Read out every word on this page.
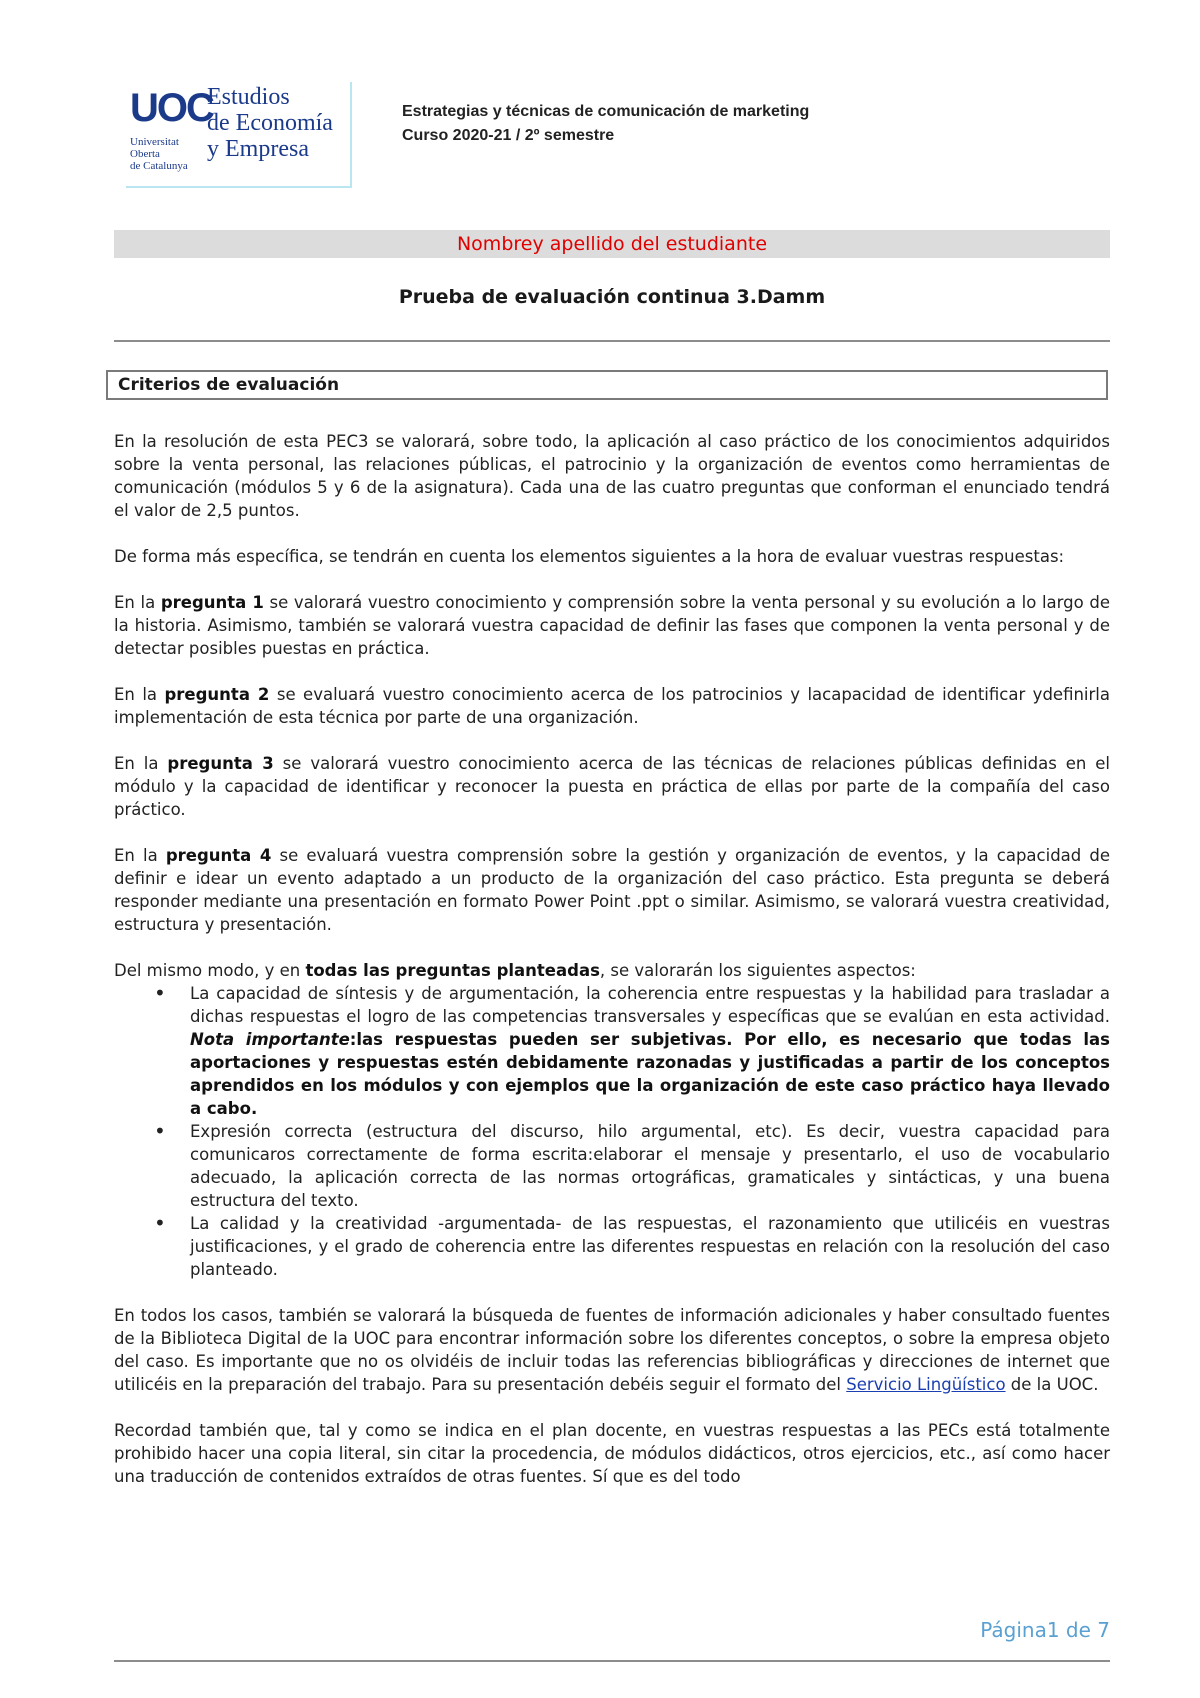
UOC
Universitat
Oberta
de Catalunya
Estudios
de Economía
y Empresa
Estrategias y técnicas de comunicación de marketing
Curso 2020-21 / 2º semestre
Nombrey apellido del estudiante
Prueba de evaluación continua 3.Damm
Criterios de evaluación

En la resolución de esta PEC3 se valorará, sobre todo, la aplicación al caso práctico de los conocimientos adquiridos sobre la venta personal, las relaciones públicas, el patrocinio y la organización de eventos como herramientas de comunicación (módulos 5 y 6 de la asignatura). Cada una de las cuatro preguntas que conforman el enunciado tendrá el valor de 2,5 puntos.

De forma más específica, se tendrán en cuenta los elementos siguientes a la hora de evaluar vuestras respuestas:

En la pregunta 1 se valorará vuestro conocimiento y comprensión sobre la venta personal y su evolución a lo largo de la historia. Asimismo, también se valorará vuestra capacidad de definir las fases que componen la venta personal y de detectar posibles puestas en práctica.

En la pregunta 2 se evaluará vuestro conocimiento acerca de los patrocinios y lacapacidad de identificar ydefinirla implementación de esta técnica por parte de una organización.

En la pregunta 3 se valorará vuestro conocimiento acerca de las técnicas de relaciones públicas definidas en el módulo y la capacidad de identificar y reconocer la puesta en práctica de ellas por parte de la compañía del caso práctico.

En la pregunta 4 se evaluará vuestra comprensión sobre la gestión y organización de eventos, y la capacidad de definir e idear un evento adaptado a un producto de la organización del caso práctico. Esta pregunta se deberá responder mediante una presentación en formato Power Point .ppt o similar. Asimismo, se valorará vuestra creatividad, estructura y presentación.

Del mismo modo, y en todas las preguntas planteadas, se valorarán los siguientes aspectos:

• La capacidad de síntesis y de argumentación, la coherencia entre respuestas y la habilidad para trasladar a dichas respuestas el logro de las competencias transversales y específicas que se evalúan en esta actividad. Nota importante:las respuestas pueden ser subjetivas. Por ello, es necesario que todas las aportaciones y respuestas estén debidamente razonadas y justificadas a partir de los conceptos aprendidos en los módulos y con ejemplos que la organización de este caso práctico haya llevado a cabo.
• Expresión correcta (estructura del discurso, hilo argumental, etc). Es decir, vuestra capacidad para comunicaros correctamente de forma escrita:elaborar el mensaje y presentarlo, el uso de vocabulario adecuado, la aplicación correcta de las normas ortográficas, gramaticales y sintácticas, y una buena estructura del texto.
• La calidad y la creatividad -argumentada- de las respuestas, el razonamiento que utilicéis en vuestras justificaciones, y el grado de coherencia entre las diferentes respuestas en relación con la resolución del caso planteado.

En todos los casos, también se valorará la búsqueda de fuentes de información adicionales y haber consultado fuentes de la Biblioteca Digital de la UOC para encontrar información sobre los diferentes conceptos, o sobre la empresa objeto del caso. Es importante que no os olvidéis de incluir todas las referencias bibliográficas y direcciones de internet que utilicéis en la preparación del trabajo. Para su presentación debéis seguir el formato del Servicio Lingüístico de la UOC.

Recordad también que, tal y como se indica en el plan docente, en vuestras respuestas a las PECs está totalmente prohibido hacer una copia literal, sin citar la procedencia, de módulos didácticos, otros ejercicios, etc., así como hacer una traducción de contenidos extraídos de otras fuentes. Sí que es del todo

Página1 de 7
